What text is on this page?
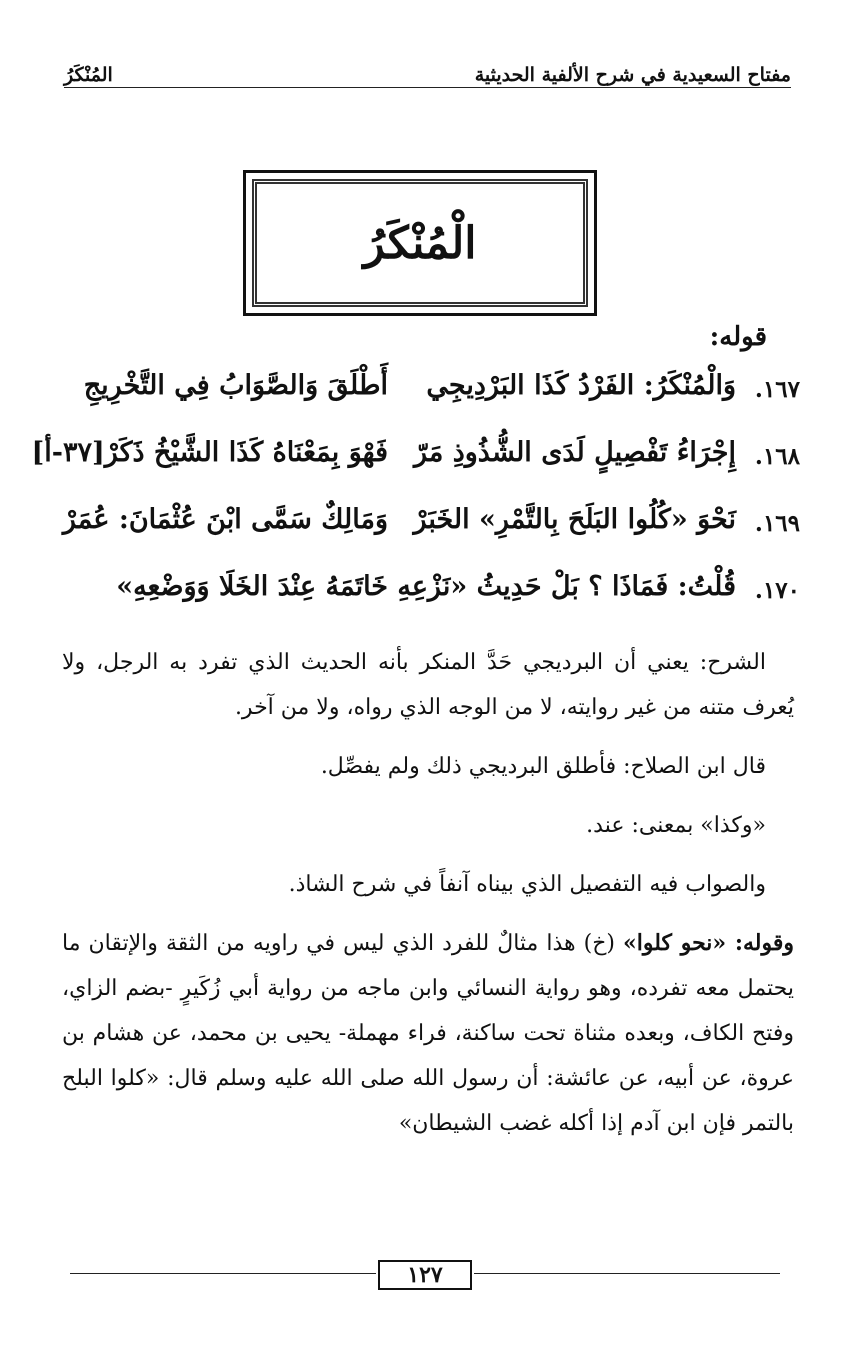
مفتاح السعيدية في شرح الألفية الحديثية
المُنْكَرُ
الْمُنْكَرُ
قوله:
١٦٧.
وَالْمُنْكَرُ: الفَرْدُ كَذَا البَرْدِيجِي
أَطْلَقَ وَالصَّوَابُ فِي التَّخْرِيجِ
١٦٨.
إِجْرَاءُ تَفْصِيلٍ لَدَى الشُّذُوذِ مَرّ
فَهْوَ بِمَعْنَاهُ كَذَا الشَّيْخُ ذَكَرْ[٣٧-أ]
١٦٩.
نَحْوَ «كُلُوا البَلَحَ بِالتَّمْرِ» الخَبَرْ
وَمَالِكٌ سَمَّى ابْنَ عُثْمَانَ: عُمَرْ
١٧٠.
قُلْتُ: فَمَاذَا ؟ بَلْ حَدِيثُ «نَزْعِهِ
خَاتَمَهُ عِنْدَ الخَلَا وَوَضْعِهِ»

الشرح: يعني أن البرديجي حَدَّ المنكر بأنه الحديث الذي تفرد به الرجل، ولا يُعرف متنه من غير روايته، لا من الوجه الذي رواه، ولا من آخر.

قال ابن الصلاح: فأطلق البرديجي ذلك ولم يفصِّل.

«وكذا» بمعنى: عند.

والصواب فيه التفصيل الذي بيناه آنفاً في شرح الشاذ.

وقوله: «نحو كلوا» (خ) هذا مثالٌ للفرد الذي ليس في راويه من الثقة والإتقان ما يحتمل معه تفرده، وهو رواية النسائي وابن ماجه من رواية أبي زُكَيرٍ -بضم الزاي، وفتح الكاف، وبعده مثناة تحت ساكنة، فراء مهملة- يحيى بن محمد، عن هشام بن عروة، عن أبيه، عن عائشة: أن رسول الله صلى الله عليه وسلم قال: «كلوا البلح بالتمر فإن ابن آدم إذا أكله غضب الشيطان»

١٢٧
